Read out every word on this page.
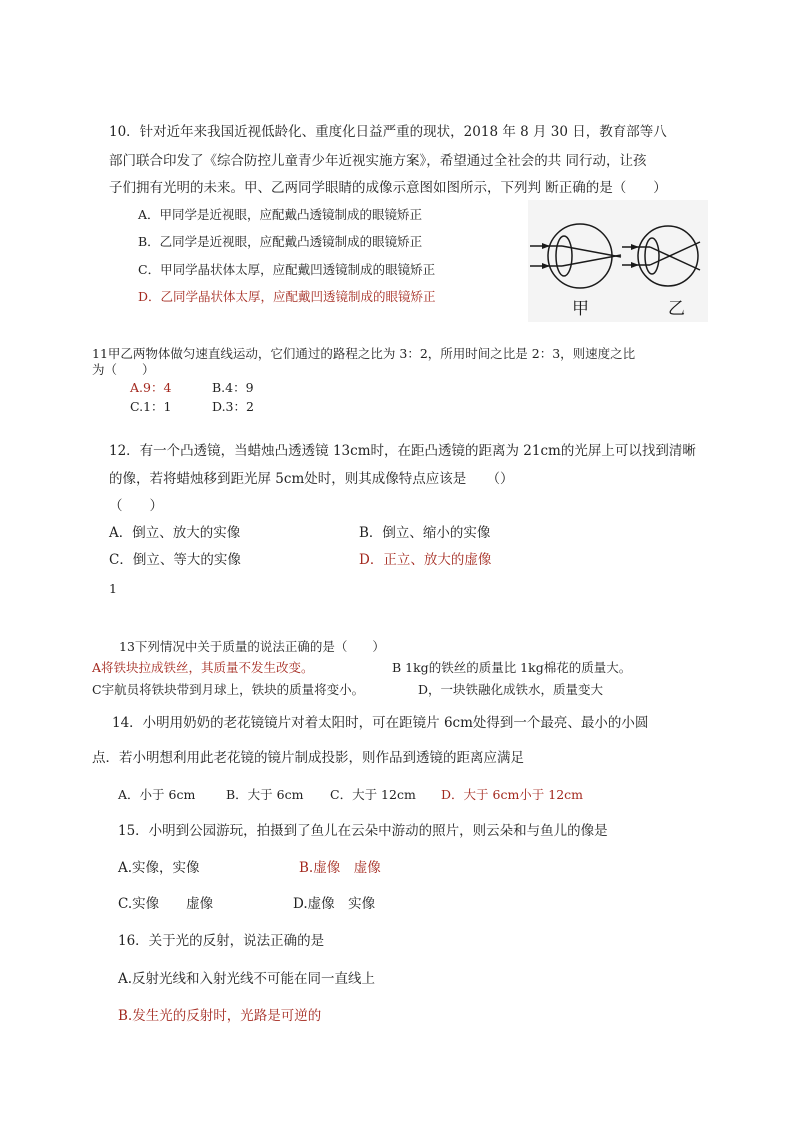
10．针对近年来我国近视低龄化、重度化日益严重的现状，2018 年 8 月 30 日，教育部等八
部门联合印发了《综合防控儿童青少年近视实施方案》，希望通过全社会的共 同行动，让孩
子们拥有光明的未来。甲、乙两同学眼睛的成像示意图如图所示，下列判 断正确的是（　　）
A．甲同学是近视眼，应配戴凸透镜制成的眼镜矫正
B．乙同学是近视眼，应配戴凸透镜制成的眼镜矫正
C．甲同学晶状体太厚，应配戴凹透镜制成的眼镜矫正
D．乙同学晶状体太厚，应配戴凹透镜制成的眼镜矫正
甲	乙
11甲乙两物体做匀速直线运动，它们通过的路程之比为 3：2，所用时间之比是 2：3，则速度之比
为（　　）
A.9：4	B.4：9
C.1：1	D.3：2
12．有一个凸透镜，当蜡烛凸透透镜 13cm时，在距凸透镜的距离为 21cm的光屏上可以找到清晰
的像，若将蜡烛移到距光屏 5cm处时，则其成像特点应该是　　（）
（　　）
A．倒立、放大的实像	B．倒立、缩小的实像
C．倒立、等大的实像	D．正立、放大的虚像
1
13下列情况中关于质量的说法正确的是（　　）
A将铁块拉成铁丝，其质量不发生改变。	B 1kg的铁丝的质量比 1kg棉花的质量大。
C宇航员将铁块带到月球上，铁块的质量将变小。	D，一块铁融化成铁水，质量变大
14．小明用奶奶的老花镜镜片对着太阳时，可在距镜片 6cm处得到一个最亮、最小的小圆
点．若小明想利用此老花镜的镜片制成投影，则作品到透镜的距离应满足
A．小于 6cm B．大于 6cm C．大于 12cm D．大于 6cm小于 12cm
15．小明到公园游玩，拍摄到了鱼儿在云朵中游动的照片，则云朵和与鱼儿的像是
A.实像，实像	B.虚像　虚像
C.实像　　虚像	D.虚像　实像
16．关于光的反射，说法正确的是
A.反射光线和入射光线不可能在同一直线上
B.发生光的反射时，光路是可逆的
